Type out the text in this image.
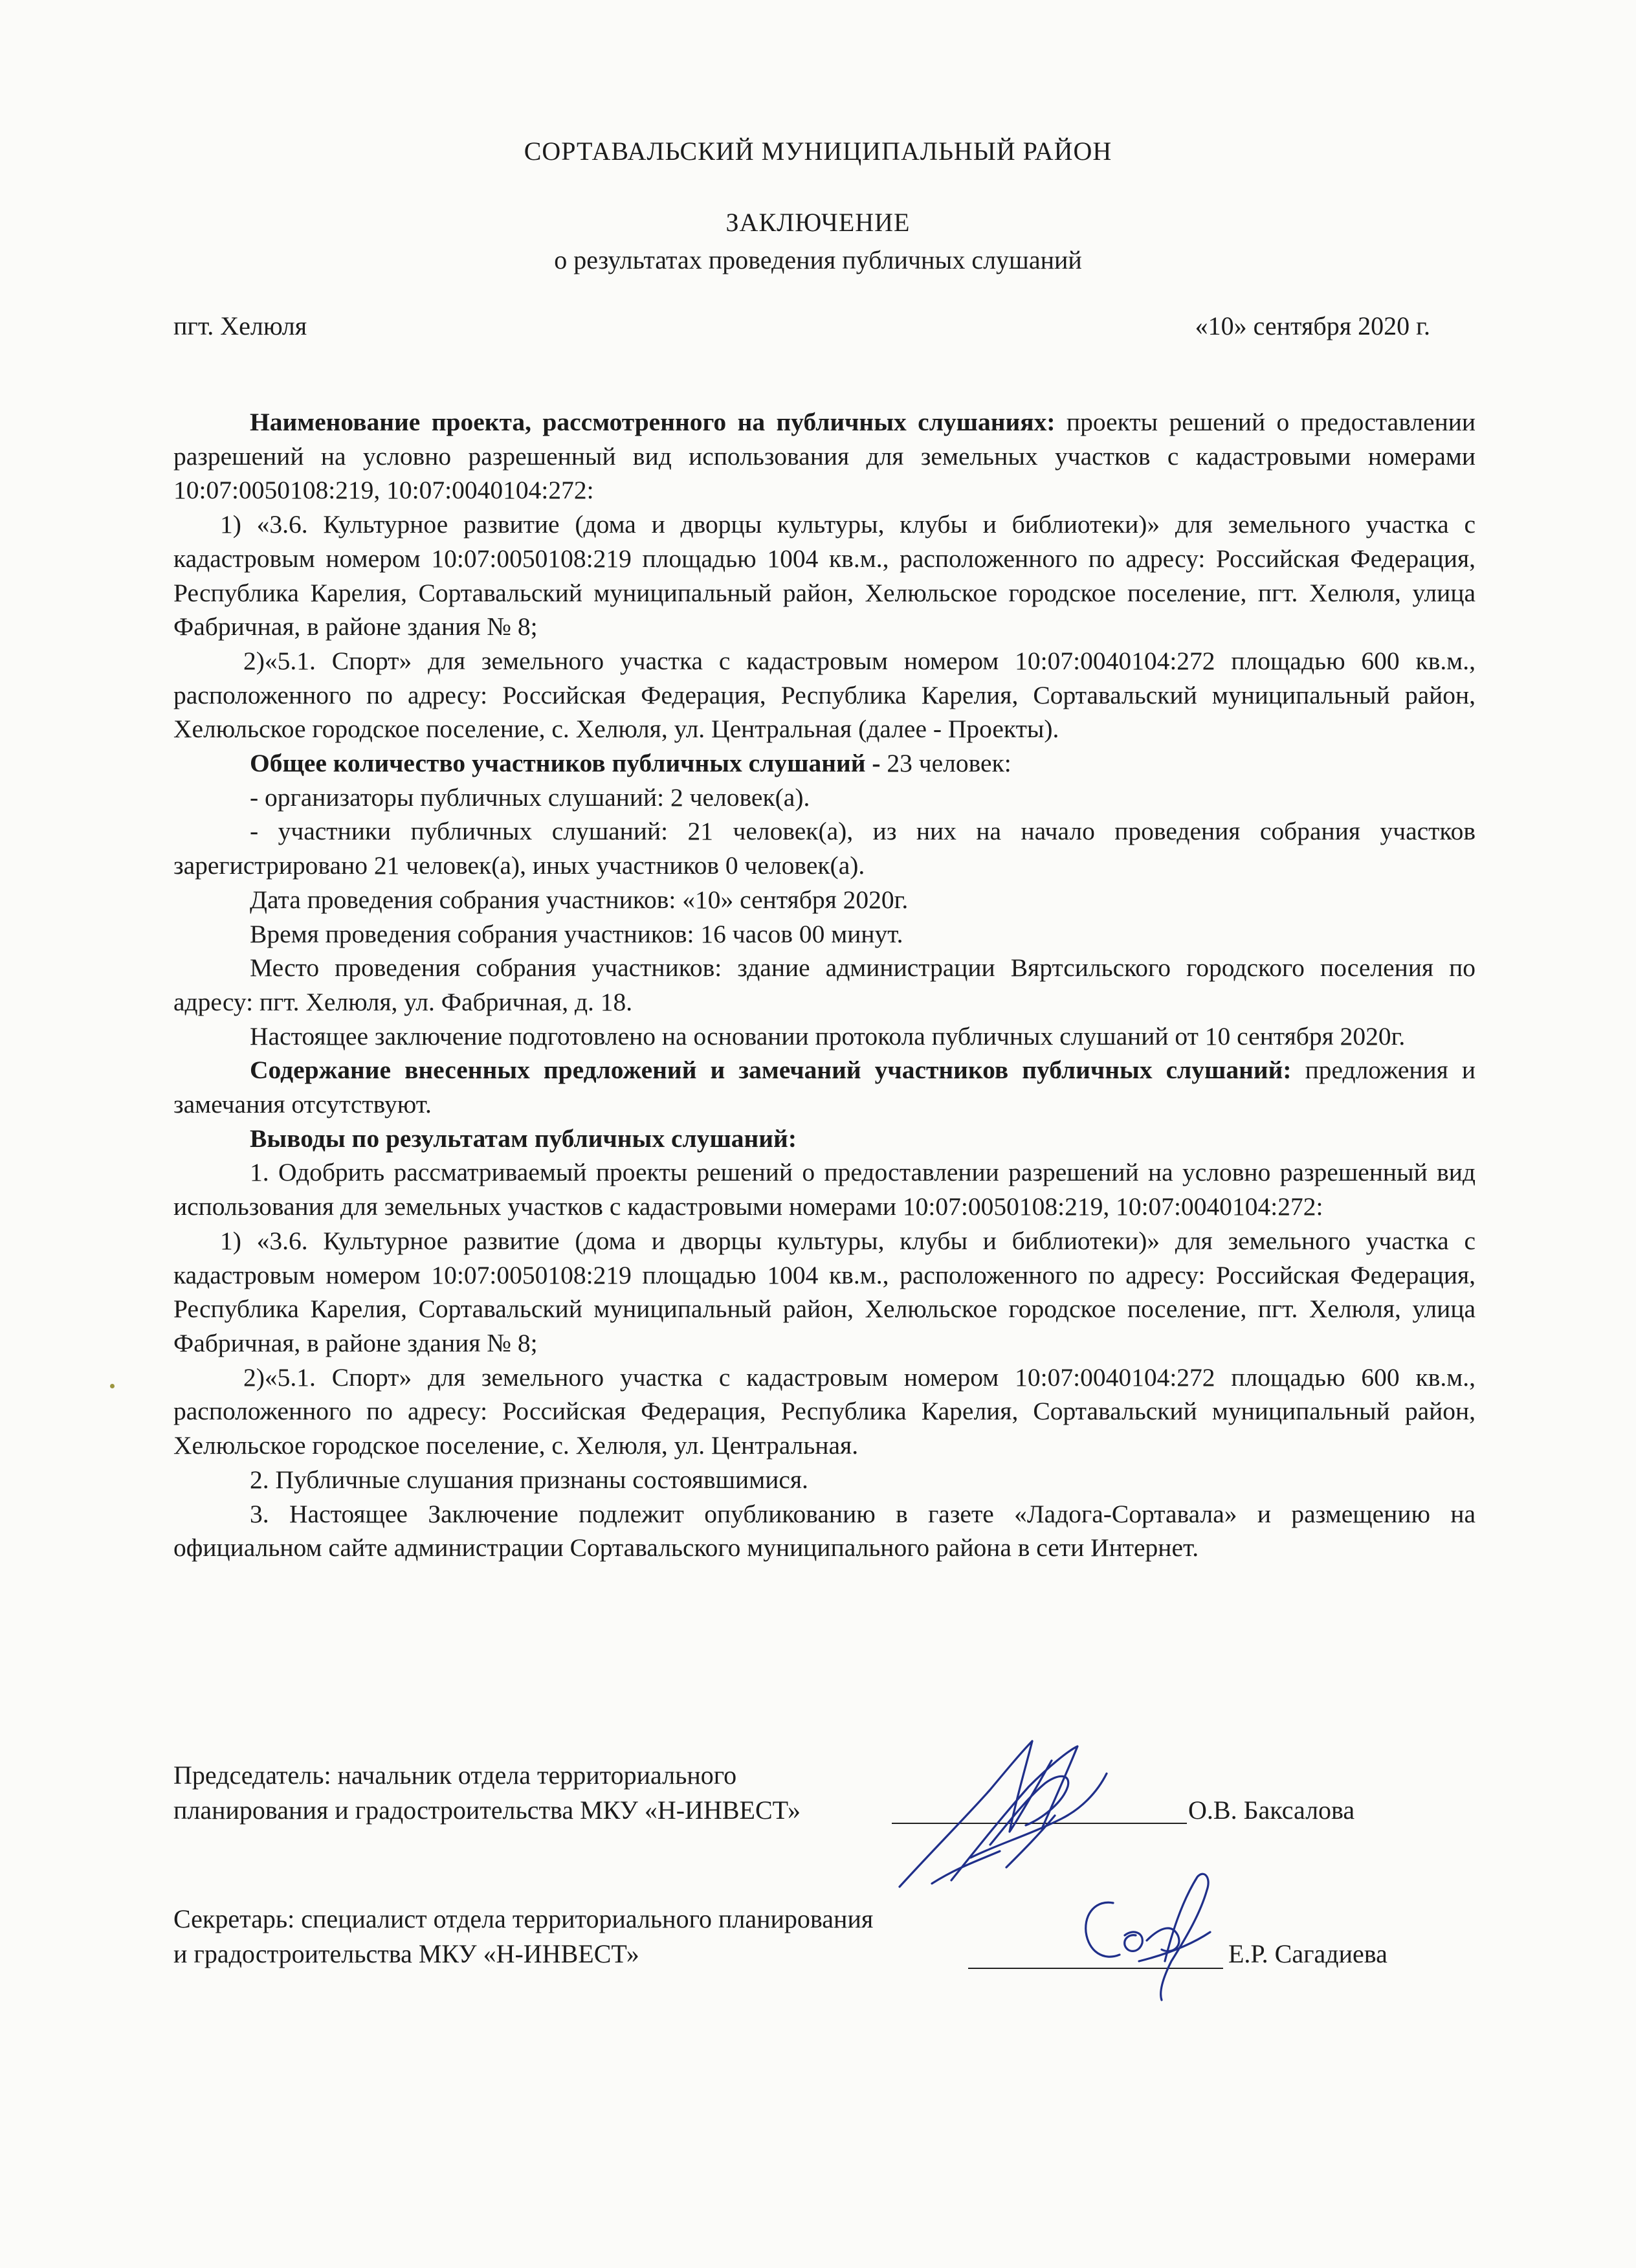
СОРТАВАЛЬСКИЙ МУНИЦИПАЛЬНЫЙ РАЙОН
ЗАКЛЮЧЕНИЕ
о результатах проведения публичных слушаний
пгт. Хелюля	«10» сентября 2020 г.

Наименование проекта, рассмотренного на публичных слушаниях: проекты решений о предоставлении разрешений на условно разрешенный вид использования для земельных участков с кадастровыми номерами 10:07:0050108:219, 10:07:0040104:272:

1) «3.6. Культурное развитие (дома и дворцы культуры, клубы и библиотеки)» для земельного участка с кадастровым номером 10:07:0050108:219 площадью 1004 кв.м., расположенного по адресу: Российская Федерация, Республика Карелия, Сортавальский муниципальный район, Хелюльское городское поселение, пгт. Хелюля, улица Фабричная, в районе здания № 8;

2)«5.1. Спорт» для земельного участка с кадастровым номером 10:07:0040104:272 площадью 600 кв.м., расположенного по адресу: Российская Федерация, Республика Карелия, Сортавальский муниципальный район, Хелюльское городское поселение, с. Хелюля, ул. Центральная (далее - Проекты).

Общее количество участников публичных слушаний - 23 человек:

- организаторы публичных слушаний: 2 человек(а).

- участники публичных слушаний: 21 человек(а), из них на начало проведения собрания участков зарегистрировано 21 человек(а), иных участников 0 человек(а).

Дата проведения собрания участников: «10» сентября 2020г.

Время проведения собрания участников: 16 часов 00 минут.

Место проведения собрания участников: здание администрации Вяртсильского городского поселения по адресу: пгт. Хелюля, ул. Фабричная, д. 18.

Настоящее заключение подготовлено на основании протокола публичных слушаний от 10 сентября 2020г.

Содержание внесенных предложений и замечаний участников публичных слушаний: предложения и замечания отсутствуют.

Выводы по результатам публичных слушаний:

1. Одобрить рассматриваемый проекты решений о предоставлении разрешений на условно разрешенный вид использования для земельных участков с кадастровыми номерами 10:07:0050108:219, 10:07:0040104:272:

1) «3.6. Культурное развитие (дома и дворцы культуры, клубы и библиотеки)» для земельного участка с кадастровым номером 10:07:0050108:219 площадью 1004 кв.м., расположенного по адресу: Российская Федерация, Республика Карелия, Сортавальский муниципальный район, Хелюльское городское поселение, пгт. Хелюля, улица Фабричная, в районе здания № 8;

2)«5.1. Спорт» для земельного участка с кадастровым номером 10:07:0040104:272 площадью 600 кв.м., расположенного по адресу: Российская Федерация, Республика Карелия, Сортавальский муниципальный район, Хелюльское городское поселение, с. Хелюля, ул. Центральная.

2. Публичные слушания признаны состоявшимися.

3. Настоящее Заключение подлежит опубликованию в газете «Ладога-Сортавала» и размещению на официальном сайте администрации Сортавальского муниципального района в сети Интернет.

Председатель: начальник отдела территориального
планирования и градостроительства МКУ «Н-ИНВЕСТ»	О.В. Баксалова
Секретарь: специалист отдела территориального планирования
и градостроительства МКУ «Н-ИНВЕСТ»	Е.Р. Сагадиева
